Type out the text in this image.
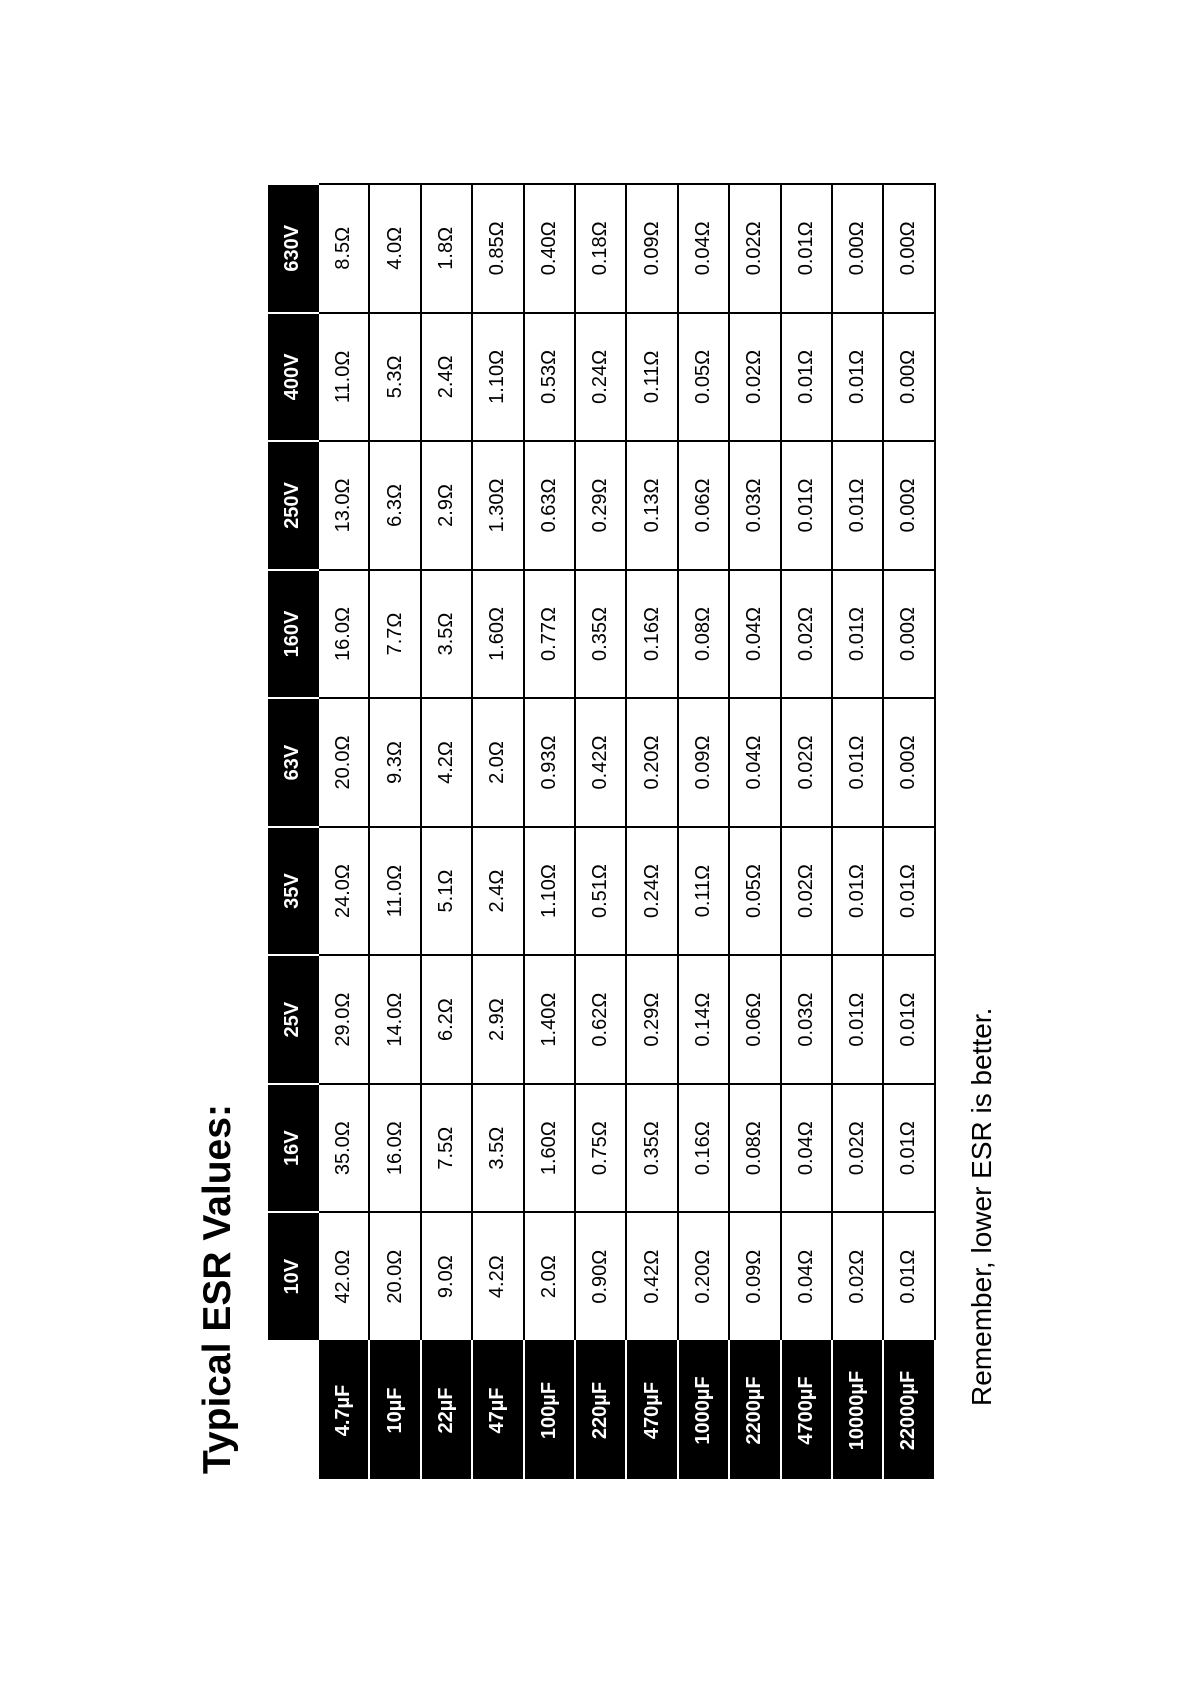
Typical ESR Values:
	10V	16V	25V	35V	63V	160V	250V	400V	630V
4.7µF	42.0Ω	35.0Ω	29.0Ω	24.0Ω	20.0Ω	16.0Ω	13.0Ω	11.0Ω	8.5Ω
10µF	20.0Ω	16.0Ω	14.0Ω	11.0Ω	9.3Ω	7.7Ω	6.3Ω	5.3Ω	4.0Ω
22µF	9.0Ω	7.5Ω	6.2Ω	5.1Ω	4.2Ω	3.5Ω	2.9Ω	2.4Ω	1.8Ω
47µF	4.2Ω	3.5Ω	2.9Ω	2.4Ω	2.0Ω	1.60Ω	1.30Ω	1.10Ω	0.85Ω
100µF	2.0Ω	1.60Ω	1.40Ω	1.10Ω	0.93Ω	0.77Ω	0.63Ω	0.53Ω	0.40Ω
220µF	0.90Ω	0.75Ω	0.62Ω	0.51Ω	0.42Ω	0.35Ω	0.29Ω	0.24Ω	0.18Ω
470µF	0.42Ω	0.35Ω	0.29Ω	0.24Ω	0.20Ω	0.16Ω	0.13Ω	0.11Ω	0.09Ω
1000µF	0.20Ω	0.16Ω	0.14Ω	0.11Ω	0.09Ω	0.08Ω	0.06Ω	0.05Ω	0.04Ω
2200µF	0.09Ω	0.08Ω	0.06Ω	0.05Ω	0.04Ω	0.04Ω	0.03Ω	0.02Ω	0.02Ω
4700µF	0.04Ω	0.04Ω	0.03Ω	0.02Ω	0.02Ω	0.02Ω	0.01Ω	0.01Ω	0.01Ω
10000µF	0.02Ω	0.02Ω	0.01Ω	0.01Ω	0.01Ω	0.01Ω	0.01Ω	0.01Ω	0.00Ω
22000µF	0.01Ω	0.01Ω	0.01Ω	0.01Ω	0.00Ω	0.00Ω	0.00Ω	0.00Ω	0.00Ω

Remember, lower ESR is better.
